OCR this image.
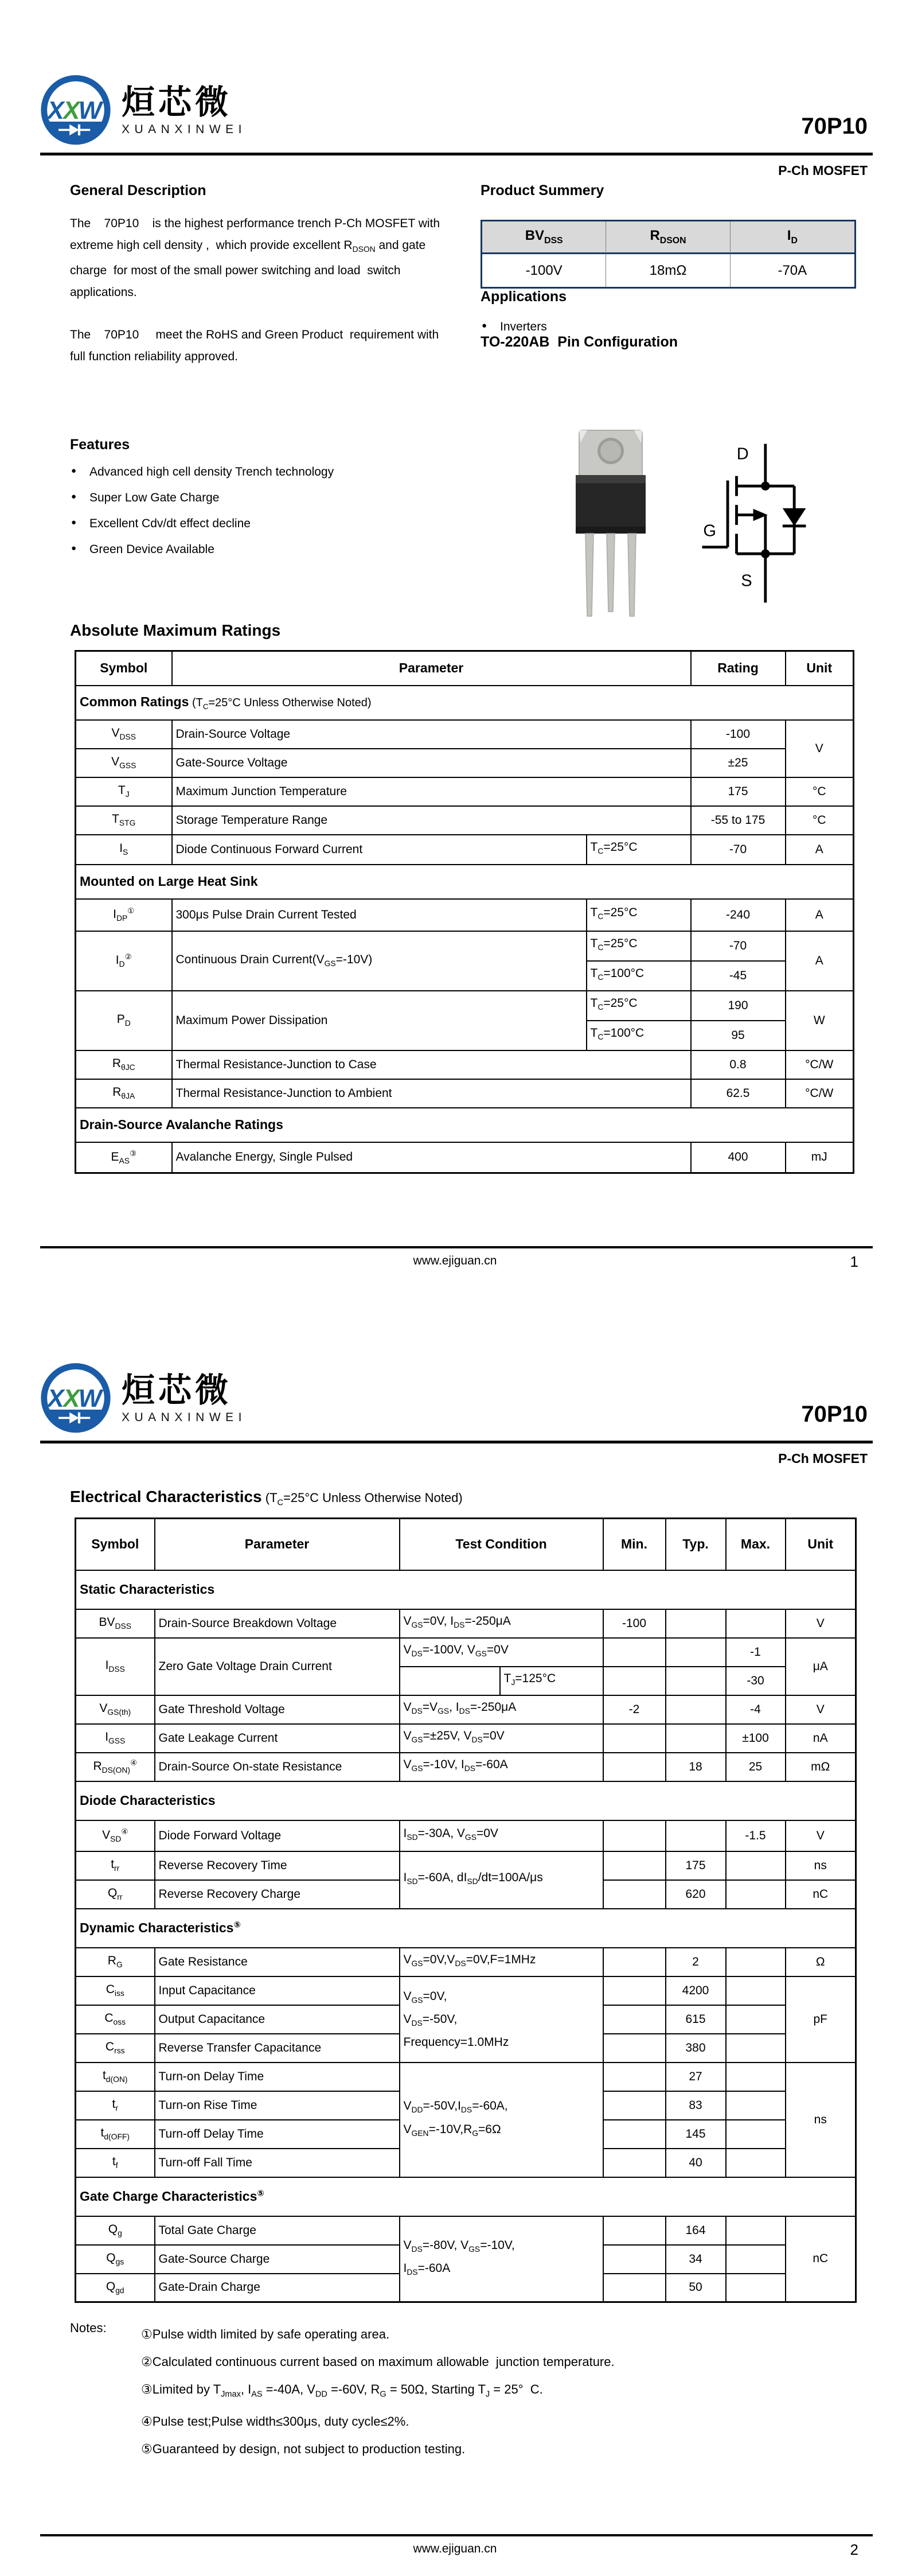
X
X
W 烜芯微
XUANXINWEI	70P10
P-Ch MOSFET
General Description

The    70P10    is the highest performance trench P-Ch MOSFET with extreme high cell density ,  which provide excellent $R_{DSON}$ and gate charge  for most of the small power switching and load  switch applications.

The    70P10     meet the RoHS and Green Product  requirement with full function reliability approved.

Features
● Advanced high cell density Trench technology
● Super Low Gate Charge
● Excellent Cdv/dt effect decline
● Green Device Available
Product Summery
$BV_{DSS}$	$R_{DSON}$	$I_D$
-100V	18mΩ	-70A
Applications
● Inverters
TO-220AB  Pin Configuration
D
G
S
Absolute Maximum Ratings
Symbol	Parameter		Rating	Unit
Common Ratings ($T_C=25^\circ C$ Unless Otherwise Noted)				
$V_{DSS}$	Drain-Source Voltage		-100	V
$V_{GSS}$	Gate-Source Voltage		±25	
$T_J$	Maximum Junction Temperature		175	°C
$T_{STG}$	Storage Temperature Range		-55 to 175	°C
$I_S$	Diode Continuous Forward Current	$T_C=25^\circ C$	-70	A
Mounted on Large Heat Sink				
$I_{DP}^①$	300μs Pulse Drain Current Tested	$T_C=25^\circ C$	-240	A
$I_D^②$	Continuous Drain $Current(V_{GS}=-10V)$	$T_C=25^\circ C$	-70	A
		$T_C=100^\circ C$	-45	
$P_D$	Maximum Power Dissipation	$T_C=25^\circ C$	190	W
		$T_C=100^\circ C$	95	
$R_{\theta JC}$	Thermal Resistance-Junction to Case		0.8	°C/W
$R_{\theta JA}$	Thermal Resistance-Junction to Ambient		62.5	°C/W
Drain-Source Avalanche Ratings				
$E_{AS}^③$	Avalanche Energy, Single Pulsed		400	mJ
www.ejiguan.cn	1
X
X
W 烜芯微
XUANXINWEI	70P10
P-Ch MOSFET
Electrical Characteristics ($T_C=25^\circ C$ Unless Otherwise Noted)
Symbol	Parameter	Test Condition		Min.	Typ.	Max.	Unit
Static Characteristics							
$BV_{DSS}$	Drain-Source Breakdown Voltage	$V_{GS}=0V$, $I_{DS}=-250\mu A$		-100			V
$I_{DSS}$	Zero Gate Voltage Drain Current	$V_{DS}=-100V$, $V_{GS}=0V$				-1	μA
			$T_J=125^\circ C$			-30	
$V_{GS(th)}$	Gate Threshold Voltage	$V_{DS}=V_{GS}$, $I_{DS}=-250\mu A$		-2		-4	V
$I_{GSS}$	Gate Leakage Current	$V_{GS}=\pm 25V$, $V_{DS}=0V$				±100	nA
$R_{DS(ON)}^④$	Drain-Source On-state Resistance	$V_{GS}=-10V$, $I_{DS}=-60A$			18	25	mΩ
Diode Characteristics							
$V_{SD}^④$	Diode Forward Voltage	$I_{SD}=-30A$, $V_{GS}=0V$				-1.5	V
$t_{rr}$	Reverse Recovery Time	$I_{SD}=-60A$, $dI_{SD}/dt=100A/\mu s$			175		ns
$Q_{rr}$	Reverse Recovery Charge				620		nC
Dynamic Characteristics⑤
$R_G$	Gate Resistance	$V_{GS}=0V,V_{DS}=0V,F=1MHz$			2		Ω
$C_{iss}$	Input Capacitance	$V_{GS}=0V$,
$V_{DS}=-50V$,
Frequency=1.0MHz			4200		pF
$C_{oss}$	Output Capacitance				615		
$C_{rss}$	Reverse Transfer Capacitance				380		
$t_{d(ON)}$	Turn-on Delay Time	$V_{DD}=-50V,I_{DS}=-60A$,
$V_{GEN}=-10V,R_G=6\Omega$			27		ns
$t_r$	Turn-on Rise Time				83		
$t_{d(OFF)}$	Turn-off Delay Time				145		
$t_f$	Turn-off Fall Time				40		
Gate Charge Characteristics⑤
$Q_g$	Total Gate Charge	$V_{DS}=-80V$, $V_{GS}=-10V$,
$I_{DS}=-60A$			164		nC
$Q_{gs}$	Gate-Source Charge				34		
$Q_{gd}$	Gate-Drain Charge				50		
Notes:	①Pulse width limited by safe operating area.
②Calculated continuous current based on maximum allowable  junction temperature.
③Limited by $T_{Jmax}$, $I_{AS} =-40A$, $V_{DD} =-60V$, $R_G = 50\Omega$, Starting $T_J = 25^\circ$  C.
④Pulse test;Pulse width≤300μs, duty cycle≤2%.
⑤Guaranteed by design, not subject to production testing.
www.ejiguan.cn	2
